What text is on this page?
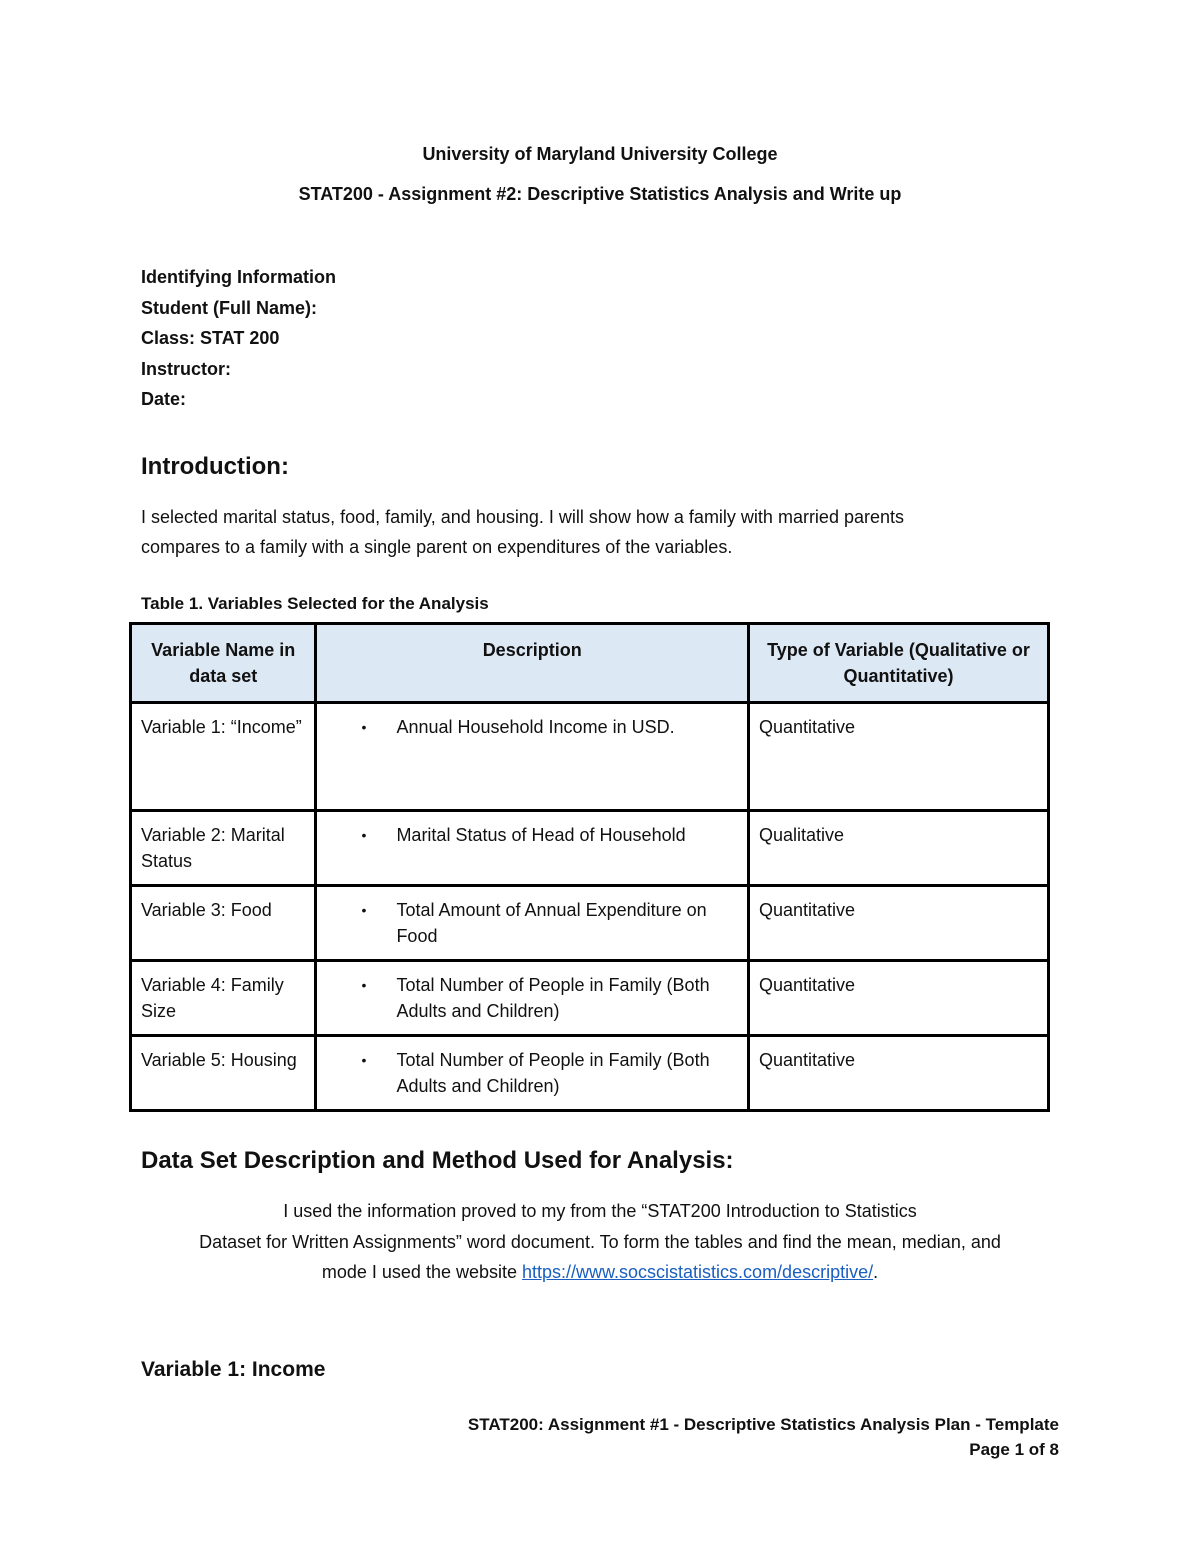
University of Maryland University College
STAT200 - Assignment #2: Descriptive Statistics Analysis and Write up
Identifying Information
Student (Full Name):
Class: STAT 200
Instructor:
Date:
Introduction:
I selected marital status, food, family, and housing. I will show how a family with married parents
compares to a family with a single parent on expenditures of the variables.
Table 1. Variables Selected for the Analysis
Variable Name in data set	Description	Type of Variable (Qualitative or Quantitative)
Variable 1: “Income”	• Annual Household Income in USD.	Quantitative
Variable 2: Marital Status	• Marital Status of Head of Household	Qualitative
Variable 3: Food	• Total Amount of Annual Expenditure on Food	Quantitative
Variable 4: Family Size	• Total Number of People in Family (Both Adults and Children)	Quantitative
Variable 5: Housing	• Total Number of People in Family (Both Adults and Children)	Quantitative
Data Set Description and Method Used for Analysis:
I used the information proved to my from the “STAT200 Introduction to Statistics
Dataset for Written Assignments” word document. To form the tables and find the mean, median, and
mode I used the website https://www.socscistatistics.com/descriptive/.
Variable 1: Income
STAT200: Assignment #1 - Descriptive Statistics Analysis Plan - Template
Page 1 of 8
